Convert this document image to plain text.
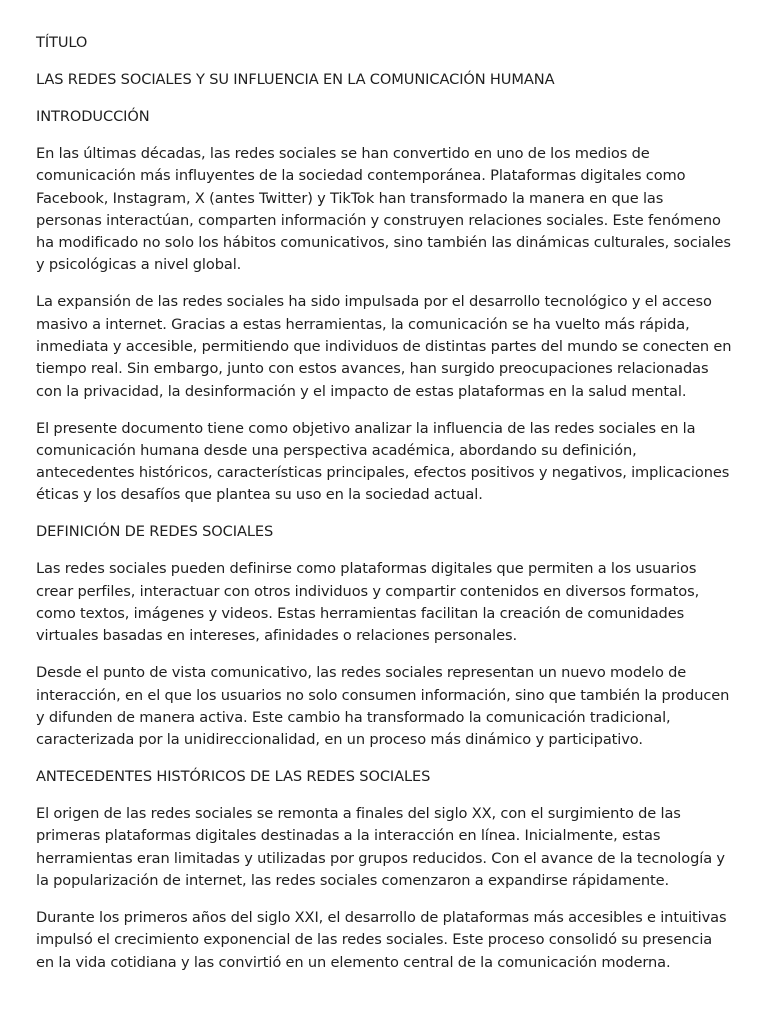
TÍTULO

LAS REDES SOCIALES Y SU INFLUENCIA EN LA COMUNICACIÓN HUMANA

INTRODUCCIÓN

En las últimas décadas, las redes sociales se han convertido en uno de los medios de comunicación más influyentes de la sociedad contemporánea. Plataformas digitales como Facebook, Instagram, X (antes Twitter) y TikTok han transformado la manera en que las personas interactúan, comparten información y construyen relaciones sociales. Este fenómeno ha modificado no solo los hábitos comunicativos, sino también las dinámicas culturales, sociales y psicológicas a nivel global.

La expansión de las redes sociales ha sido impulsada por el desarrollo tecnológico y el acceso masivo a internet. Gracias a estas herramientas, la comunicación se ha vuelto más rápida, inmediata y accesible, permitiendo que individuos de distintas partes del mundo se conecten en tiempo real. Sin embargo, junto con estos avances, han surgido preocupaciones relacionadas con la privacidad, la desinformación y el impacto de estas plataformas en la salud mental.

El presente documento tiene como objetivo analizar la influencia de las redes sociales en la comunicación humana desde una perspectiva académica, abordando su definición, antecedentes históricos, características principales, efectos positivos y negativos, implicaciones éticas y los desafíos que plantea su uso en la sociedad actual.

DEFINICIÓN DE REDES SOCIALES

Las redes sociales pueden definirse como plataformas digitales que permiten a los usuarios crear perfiles, interactuar con otros individuos y compartir contenidos en diversos formatos, como textos, imágenes y videos. Estas herramientas facilitan la creación de comunidades virtuales basadas en intereses, afinidades o relaciones personales.

Desde el punto de vista comunicativo, las redes sociales representan un nuevo modelo de interacción, en el que los usuarios no solo consumen información, sino que también la producen y difunden de manera activa. Este cambio ha transformado la comunicación tradicional, caracterizada por la unidireccionalidad, en un proceso más dinámico y participativo.

ANTECEDENTES HISTÓRICOS DE LAS REDES SOCIALES

El origen de las redes sociales se remonta a finales del siglo XX, con el surgimiento de las primeras plataformas digitales destinadas a la interacción en línea. Inicialmente, estas herramientas eran limitadas y utilizadas por grupos reducidos. Con el avance de la tecnología y la popularización de internet, las redes sociales comenzaron a expandirse rápidamente.

Durante los primeros años del siglo XXI, el desarrollo de plataformas más accesibles e intuitivas impulsó el crecimiento exponencial de las redes sociales. Este proceso consolidó su presencia en la vida cotidiana y las convirtió en un elemento central de la comunicación moderna.
